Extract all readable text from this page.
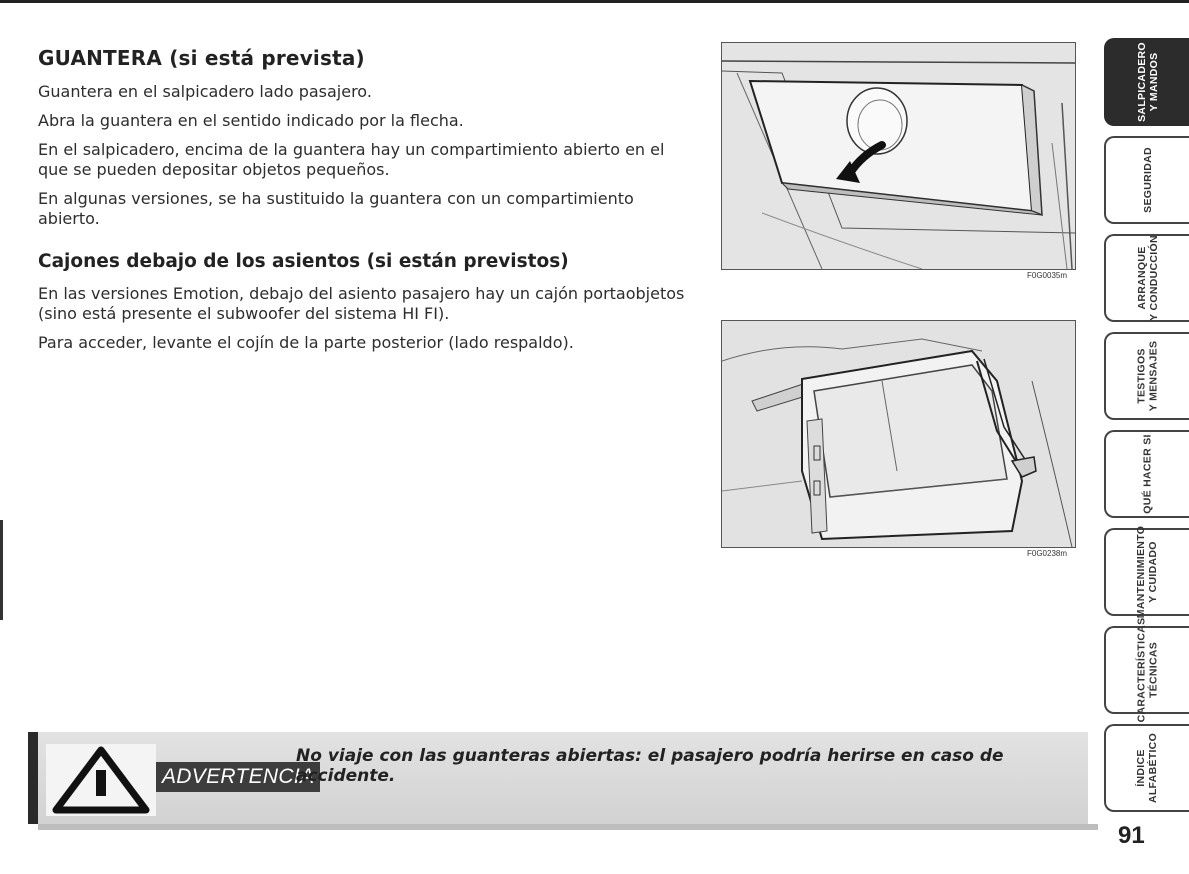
GUANTERA (si está prevista)

Guantera en el salpicadero lado pasajero.

Abra la guantera en el sentido indicado por la flecha.

En el salpicadero, encima de la guantera hay un compartimiento abierto en el que se pueden depositar objetos pequeños.

En algunas versiones, se ha sustituido la guantera con un compartimiento abierto.

Cajones debajo de los asientos (si están previstos)

En las versiones Emotion, debajo del asiento pasajero hay un cajón portaobjetos (sino está presente el subwoofer del sistema HI FI).

Para acceder, levante el cojín de la parte posterior (lado respaldo).

F0G0035m
F0G0238m
SALPICADERO Y MANDOS
SEGURIDAD
ARRANQUE Y CONDUCCIÓN
TESTIGOS Y MENSAJES
QUÉ HACER SI
MANTENIMIENTO Y CUIDADO
CARACTERÍSTICAS TÉCNICAS
ÍNDICE ALFABÉTICO
ADVERTENCIA
No viaje con las guanteras abiertas: el pasajero podría herirse en caso de accidente.
91
